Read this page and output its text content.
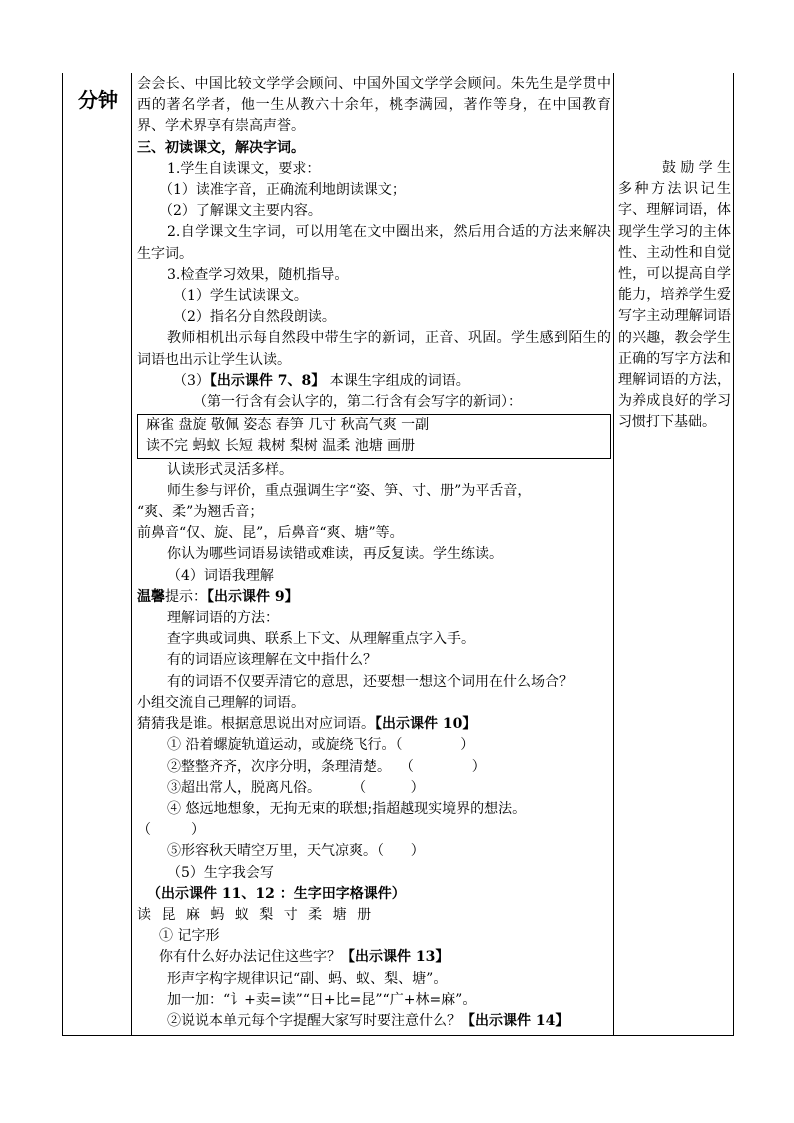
分钟

会会长、中国比较文学学会顾问、中国外国文学学会顾问。朱先生是学贯中西的著名学者，他一生从教六十余年，桃李满园，著作等身，在中国教育界、学术界享有崇高声誉。

三、初读课文，解决字词。

1.学生自读课文，要求：

（1）读准字音，正确流利地朗读课文；

（2）了解课文主要内容。

2.自学课文生字词，可以用笔在文中圈出来，然后用合适的方法来解决生字词。

3.检查学习效果，随机指导。

（1）学生试读课文。

（2）指名分自然段朗读。

教师相机出示每自然段中带生字的新词，正音、巩固。学生感到陌生的词语也出示让学生认读。

（3）【出示课件 7、8】 本课生字组成的词语。

（第一行含有会认字的，第二行含有会写字的新词）：

麻雀 盘旋 敬佩 姿态 春笋 几寸 秋高气爽 一副

读不完 蚂蚁 长短 栽树 梨树 温柔 池塘 画册

认读形式灵活多样。

师生参与评价，重点强调生字“姿、笋、寸、册”为平舌音，

“爽、柔”为翘舌音；

前鼻音“仅、旋、昆”，后鼻音“爽、塘”等。

你认为哪些词语易读错或难读，再反复读。学生练读。

（4）词语我理解

温馨提示：【出示课件 9】

理解词语的方法：

查字典或词典、联系上下文、从理解重点字入手。

有的词语应该理解在文中指什么？

有的词语不仅要弄清它的意思，还要想一想这个词用在什么场合？

小组交流自己理解的词语。

猜猜我是谁。根据意思说出对应词语。【出示课件 10】

① 沿着螺旋轨道运动，或旋绕飞行。（             ）

②整整齐齐，次序分明，条理清楚。  （             ）

③超出常人，脱离凡俗。       （          ）

④ 悠远地想象，无拘无束的联想;指超越现实境界的想法。

（         ）

⑤形容秋天晴空万里，天气凉爽。（      ）

（5）生字我会写

（出示课件 11、12 ：生字田字格课件）

读 昆 麻 蚂 蚁 梨 寸 柔 塘 册

① 记字形

你有什么好办法记住这些字？【出示课件 13】

形声字构字规律识记“副、蚂、蚁、梨、塘”。

加一加：“讠+卖=读”“日+比=昆”“广+林=麻”。

②说说本单元每个字提醒大家写时要注意什么？【出示课件 14】

鼓励学生多种方法识记生字、理解词语，体现学生学习的主体性、主动性和自觉性，可以提高自学能力，培养学生爱写字主动理解词语的兴趣，教会学生正确的写字方法和理解词语的方法，为养成良好的学习习惯打下基础。
